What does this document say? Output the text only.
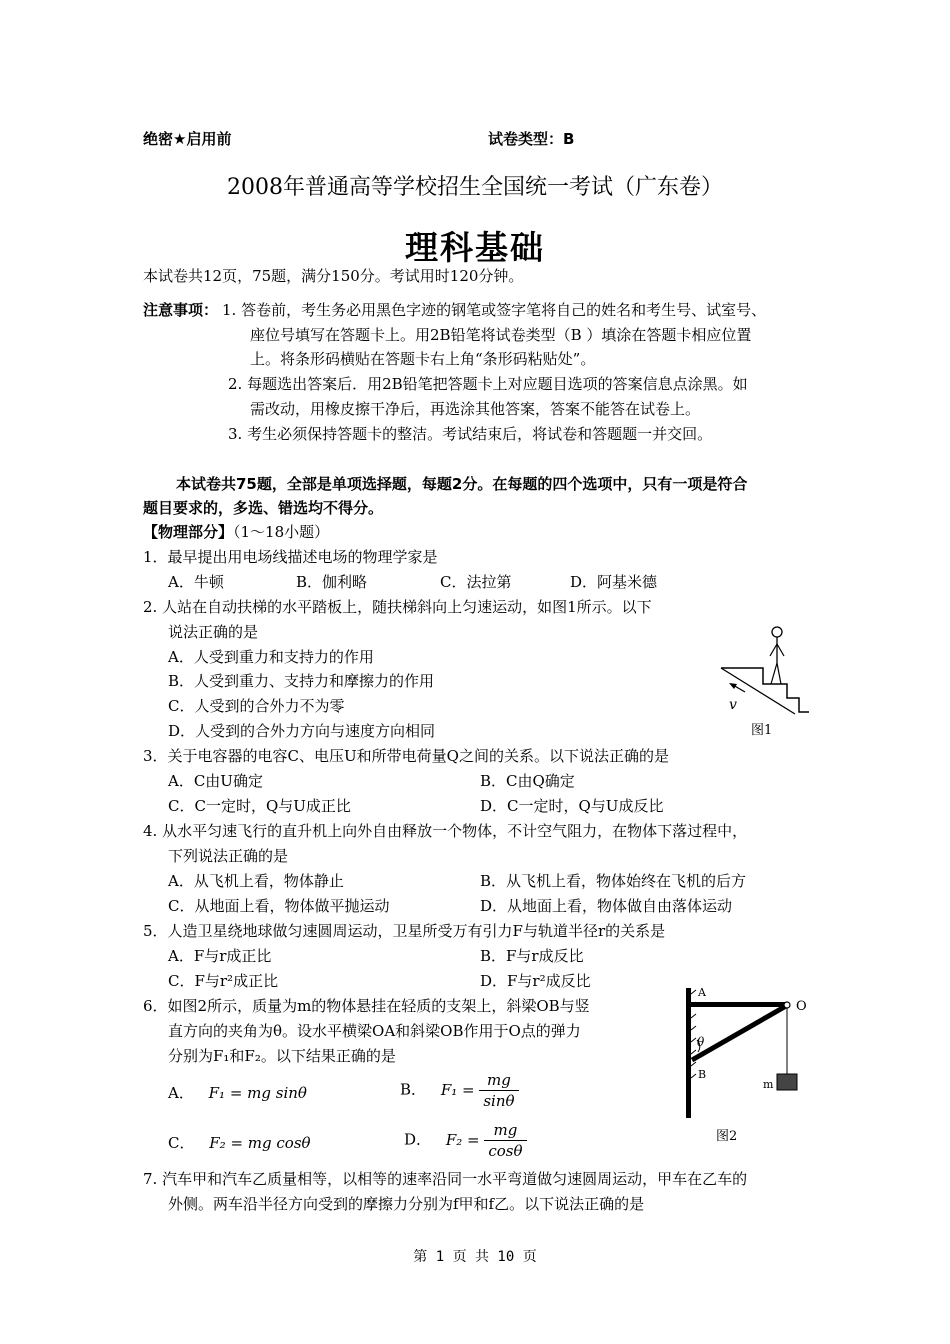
绝密★启用前	试卷类型：B
2008年普通高等学校招生全国统一考试（广东卷）
理科基础
本试卷共12页，75题，满分150分。考试用时120分钟。
注意事项： 1. 答卷前，考生务必用黑色字迹的钢笔或签字笔将自己的姓名和考生号、试室号、
座位号填写在答题卡上。用2B铅笔将试卷类型（B ）填涂在答题卡相应位置
上。将条形码横贴在答题卡右上角“条形码粘贴处”。
2. 每题选出答案后．用2B铅笔把答题卡上对应题目选项的答案信息点涂黑。如
需改动，用橡皮擦干净后，再选涂其他答案，答案不能答在试卷上。
3. 考生必须保持答题卡的整洁。考试结束后，将试卷和答题题一并交回。
本试卷共75题，全部是单项选择题，每题2分。在每题的四个选项中，只有一项是符合
题目要求的，多选、错选均不得分。
【物理部分】（1～18小题）
1．最早提出用电场线描述电场的物理学家是
A．牛顿	B．伽利略	C．法拉第	D．阿基米德
2. 人站在自动扶梯的水平踏板上，随扶梯斜向上匀速运动，如图1所示。以下
说法正确的是
A．人受到重力和支持力的作用
B．人受到重力、支持力和摩擦力的作用
C．人受到的合外力不为零
D．人受到的合外力方向与速度方向相同
v
图1
3．关于电容器的电容C、电压U和所带电荷量Q之间的关系。以下说法正确的是
A．C由U确定	B．C由Q确定
C．C一定时，Q与U成正比	D．C一定时，Q与U成反比
4. 从水平匀速飞行的直升机上向外自由释放一个物体，不计空气阻力，在物体下落过程中，
下列说法正确的是
A．从飞机上看，物体静止	B．从飞机上看，物体始终在飞机的后方
C．从地面上看，物体做平抛运动	D．从地面上看，物体做自由落体运动
5．人造卫星绕地球做匀速圆周运动，卫星所受万有引力F与轨道半径r的关系是
A．F与r成正比	B．F与r成反比
C．F与r²成正比	D．F与r²成反比
6．如图2所示，质量为m的物体悬挂在轻质的支架上，斜梁OB与竖
直方向的夹角为θ。设水平横梁OA和斜梁OB作用于O点的弹力
分别为F₁和F₂。以下结果正确的是
A． F₁ = mg sinθ	B． $F_1 = \frac{mg}{\sin\theta}$
C． F₂ = mg cosθ	D． $F_2 = \frac{mg}{\cos\theta}$
A
O
θ
B
m
图2
7. 汽车甲和汽车乙质量相等，以相等的速率沿同一水平弯道做匀速圆周运动，甲车在乙车的
外侧。两车沿半径方向受到的摩擦力分别为f甲和f乙。以下说法正确的是
第 1 页 共 10 页
